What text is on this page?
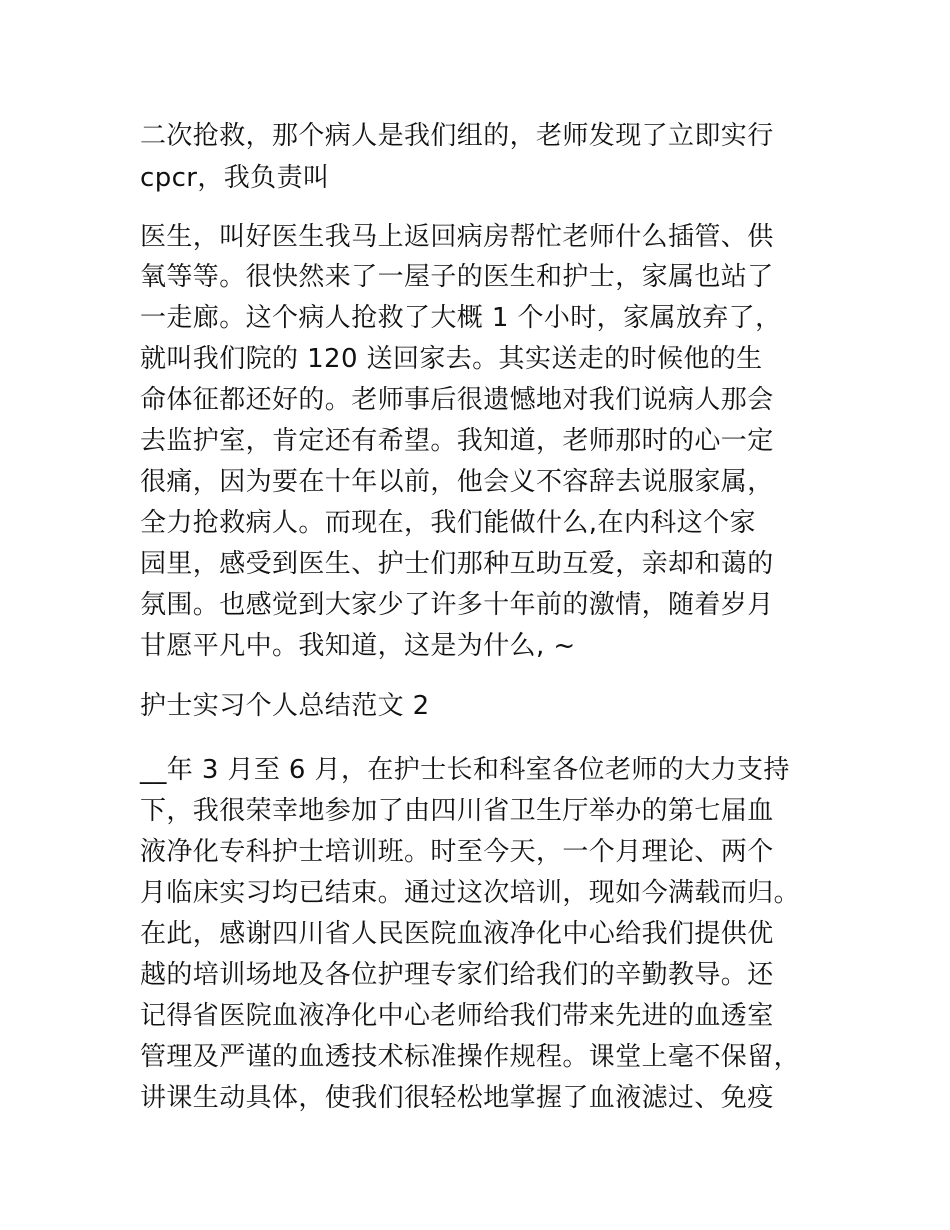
二次抢救，那个病人是我们组的，老师发现了立即实行
cpcr，我负责叫
医生，叫好医生我马上返回病房帮忙老师什么插管、供
氧等等。很快然来了一屋子的医生和护士，家属也站了
一走廊。这个病人抢救了大概 1 个小时，家属放弃了，
就叫我们院的 120 送回家去。其实送走的时候他的生
命体征都还好的。老师事后很遗憾地对我们说病人那会
去监护室，肯定还有希望。我知道，老师那时的心一定
很痛，因为要在十年以前，他会义不容辞去说服家属，
全力抢救病人。而现在，我们能做什么,在内科这个家
园里，感受到医生、护士们那种互助互爱，亲却和蔼的
氛围。也感觉到大家少了许多十年前的激情，随着岁月
甘愿平凡中。我知道，这是为什么, ~
护士实习个人总结范文 2
__年 3 月至 6 月，在护士长和科室各位老师的大力支持
下，我很荣幸地参加了由四川省卫生厅举办的第七届血
液净化专科护士培训班。时至今天，一个月理论、两个
月临床实习均已结束。通过这次培训，现如今满载而归。
在此，感谢四川省人民医院血液净化中心给我们提供优
越的培训场地及各位护理专家们给我们的辛勤教导。还
记得省医院血液净化中心老师给我们带来先进的血透室
管理及严谨的血透技术标准操作规程。课堂上毫不保留，
讲课生动具体，使我们很轻松地掌握了血液滤过、免疫
